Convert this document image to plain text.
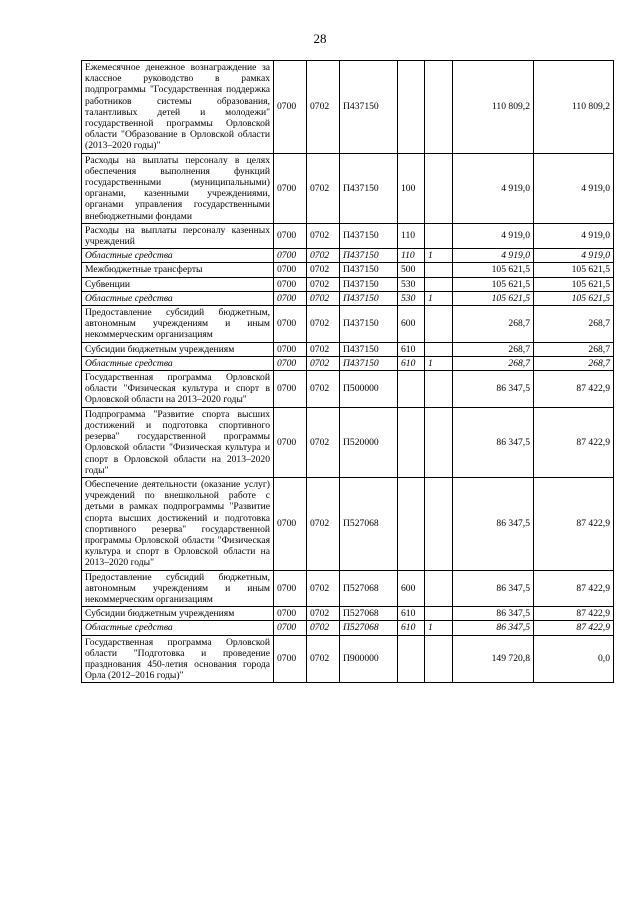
28
Ежемесячное денежное вознаграждение за классное руководство в рамках подпрограммы "Государственная поддержка работников системы образования, талантливых детей и молодежи" государственной программы Орловской области "Образование в Орловской области (2013–2020 годы)"	0700	0702	П437150			110 809,2	110 809,2
Расходы на выплаты персоналу в целях обеспечения выполнения функций государственными (муниципальными) органами, казенными учреждениями, органами управления государственными внебюджетными фондами	0700	0702	П437150	100		4 919,0	4 919,0
Расходы на выплаты персоналу казенных учреждений	0700	0702	П437150	110		4 919,0	4 919,0
Областные средства	0700	0702	П437150	110	1	4 919,0	4 919,0
Межбюджетные трансферты	0700	0702	П437150	500		105 621,5	105 621,5
Субвенции	0700	0702	П437150	530		105 621,5	105 621,5
Областные средства	0700	0702	П437150	530	1	105 621,5	105 621,5
Предоставление субсидий бюджетным, автономным учреждениям и иным некоммерческим организациям	0700	0702	П437150	600		268,7	268,7
Субсидии бюджетным учреждениям	0700	0702	П437150	610		268,7	268,7
Областные средства	0700	0702	П437150	610	1	268,7	268,7
Государственная программа Орловской области "Физическая культура и спорт в Орловской области на 2013–2020 годы"	0700	0702	П500000			86 347,5	87 422,9
Подпрограмма "Развитие спорта высших достижений и подготовка спортивного резерва" государственной программы Орловской области "Физическая культура и спорт в Орловской области на 2013–2020 годы"	0700	0702	П520000			86 347,5	87 422,9
Обеспечение деятельности (оказание услуг) учреждений по внешкольной работе с детьми в рамках подпрограммы "Развитие спорта высших достижений и подготовка спортивного резерва" государственной программы Орловской области "Физическая культура и спорт в Орловской области на 2013–2020 годы"	0700	0702	П527068			86 347,5	87 422,9
Предоставление субсидий бюджетным, автономным учреждениям и иным некоммерческим организациям	0700	0702	П527068	600		86 347,5	87 422,9
Субсидии бюджетным учреждениям	0700	0702	П527068	610		86 347,5	87 422,9
Областные средства	0700	0702	П527068	610	1	86 347,5	87 422,9
Государственная программа Орловской области "Подготовка и проведение празднования 450-летия основания города Орла (2012–2016 годы)"	0700	0702	П900000			149 720,8	0,0
